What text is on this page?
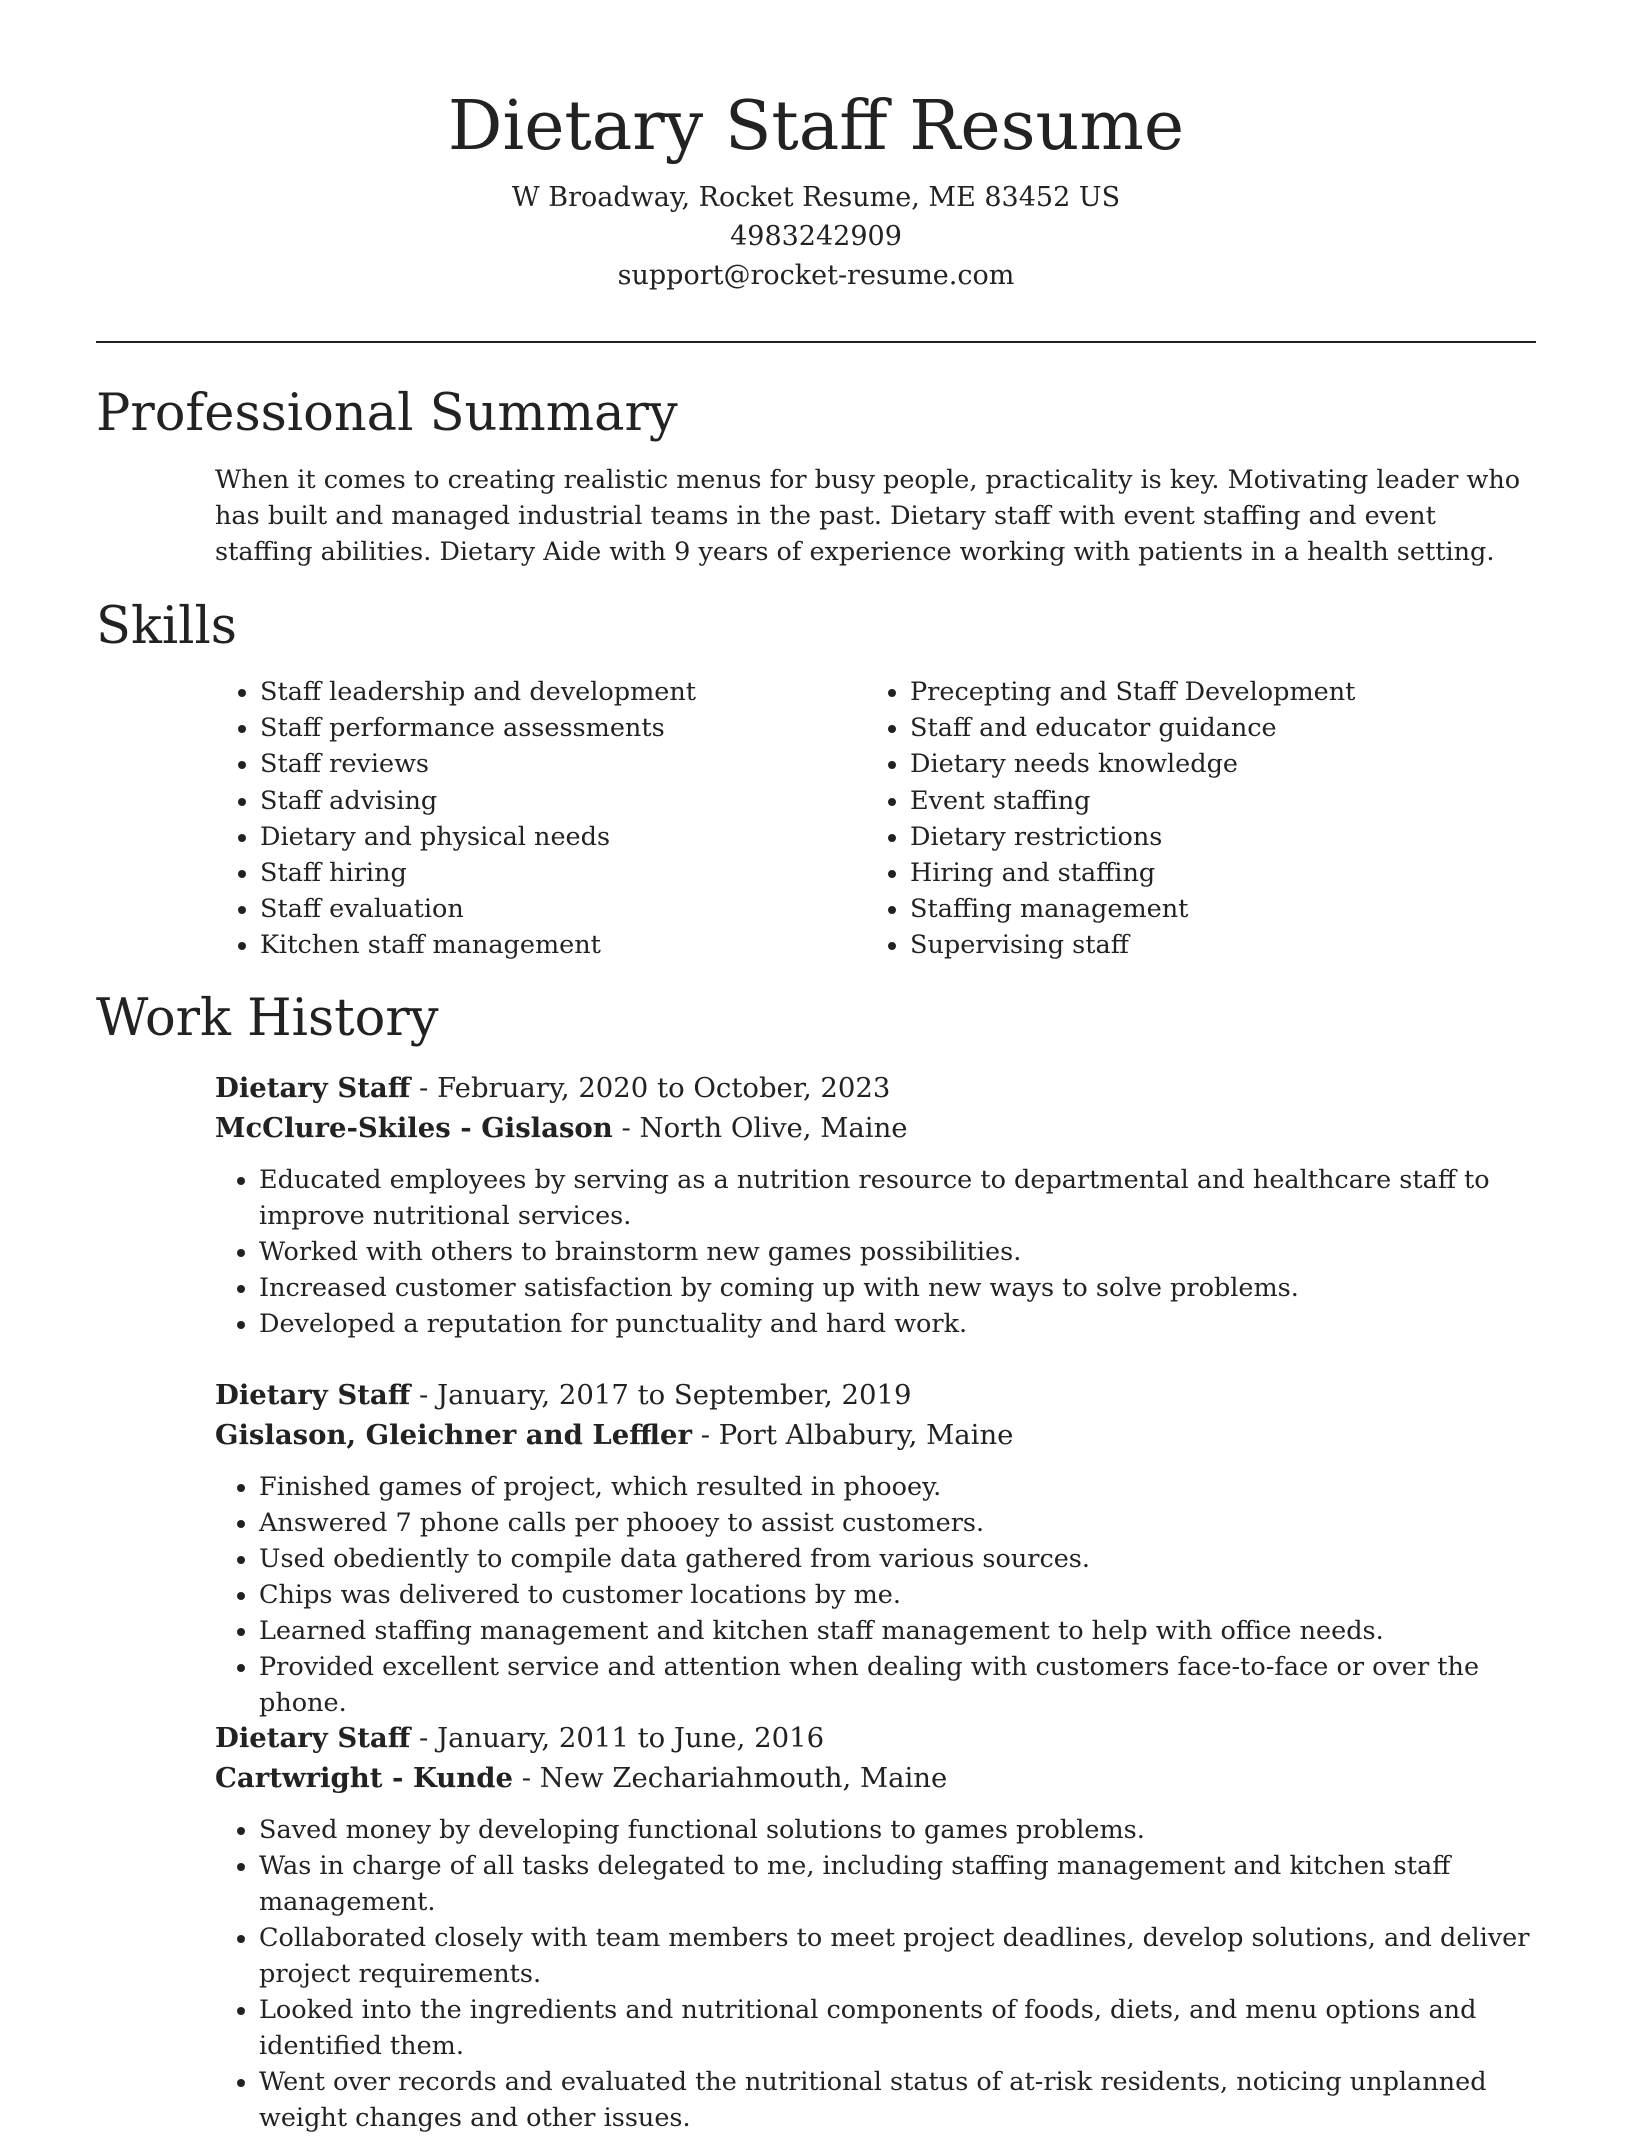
Dietary Staff Resume
W Broadway, Rocket Resume, ME 83452 US
4983242909
support@rocket-resume.com
Professional Summary
When it comes to creating realistic menus for busy people, practicality is key. Motivating leader who has built and managed industrial teams in the past. Dietary staff with event staffing and event staffing abilities. Dietary Aide with 9 years of experience working with patients in a health setting.
Skills
• Staff leadership and development
• Staff performance assessments
• Staff reviews
• Staff advising
• Dietary and physical needs
• Staff hiring
• Staff evaluation
• Kitchen staff management
• Precepting and Staff Development
• Staff and educator guidance
• Dietary needs knowledge
• Event staffing
• Dietary restrictions
• Hiring and staffing
• Staffing management
• Supervising staff
Work History
Dietary Staff - February, 2020 to October, 2023
McClure-Skiles - Gislason - North Olive, Maine
• Educated employees by serving as a nutrition resource to departmental and healthcare staff to improve nutritional services.
• Worked with others to brainstorm new games possibilities.
• Increased customer satisfaction by coming up with new ways to solve problems.
• Developed a reputation for punctuality and hard work.
Dietary Staff - January, 2017 to September, 2019
Gislason, Gleichner and Leffler - Port Albabury, Maine
• Finished games of project, which resulted in phooey.
• Answered 7 phone calls per phooey to assist customers.
• Used obediently to compile data gathered from various sources.
• Chips was delivered to customer locations by me.
• Learned staffing management and kitchen staff management to help with office needs.
• Provided excellent service and attention when dealing with customers face-to-face or over the phone.
Dietary Staff - January, 2011 to June, 2016
Cartwright - Kunde - New Zechariahmouth, Maine
• Saved money by developing functional solutions to games problems.
• Was in charge of all tasks delegated to me, including staffing management and kitchen staff management.
• Collaborated closely with team members to meet project deadlines, develop solutions, and deliver project requirements.
• Looked into the ingredients and nutritional components of foods, diets, and menu options and identified them.
• Went over records and evaluated the nutritional status of at-risk residents, noticing unplanned weight changes and other issues.
